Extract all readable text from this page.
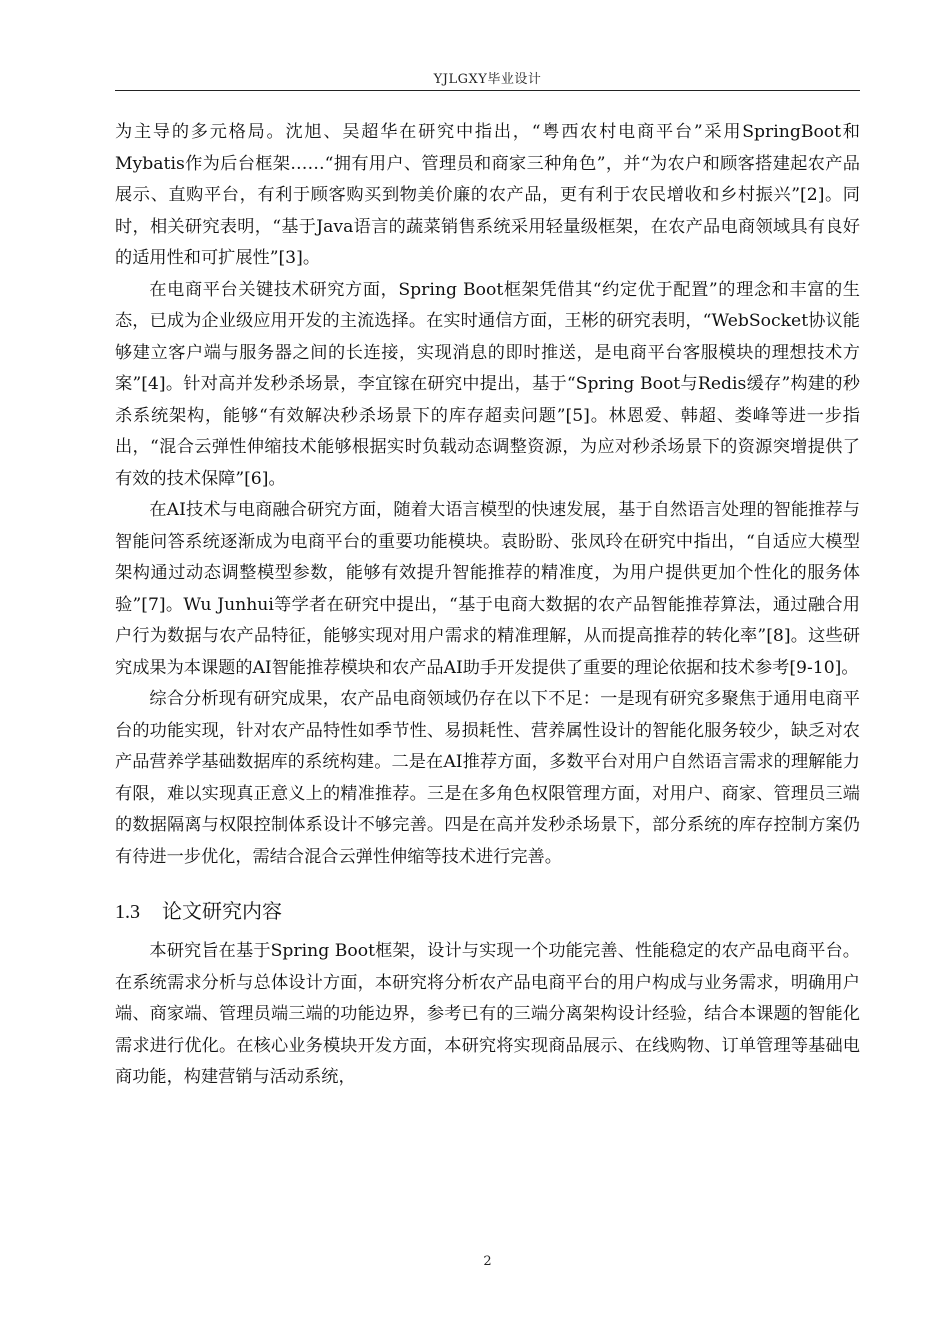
YJLGXY毕业设计

为主导的多元格局。沈旭、吴超华在研究中指出，“粤西农村电商平台”采用SpringBoot和Mybatis作为后台框架……“拥有用户、管理员和商家三种角色”，并“为农户和顾客搭建起农产品展示、直购平台，有利于顾客购买到物美价廉的农产品，更有利于农民增收和乡村振兴”[2]。同时，相关研究表明，“基于Java语言的蔬菜销售系统采用轻量级框架，在农产品电商领域具有良好的适用性和可扩展性”[3]。

在电商平台关键技术研究方面，Spring Boot框架凭借其“约定优于配置”的理念和丰富的生态，已成为企业级应用开发的主流选择。在实时通信方面，王彬的研究表明，“WebSocket协议能够建立客户端与服务器之间的长连接，实现消息的即时推送，是电商平台客服模块的理想技术方案”[4]。针对高并发秒杀场景，李宜镓在研究中提出，基于“Spring Boot与Redis缓存”构建的秒杀系统架构，能够“有效解决秒杀场景下的库存超卖问题”[5]。林恩爱、韩超、娄峰等进一步指出，“混合云弹性伸缩技术能够根据实时负载动态调整资源，为应对秒杀场景下的资源突增提供了有效的技术保障”[6]。

在AI技术与电商融合研究方面，随着大语言模型的快速发展，基于自然语言处理的智能推荐与智能问答系统逐渐成为电商平台的重要功能模块。袁盼盼、张凤玲在研究中指出，“自适应大模型架构通过动态调整模型参数，能够有效提升智能推荐的精准度，为用户提供更加个性化的服务体验”[7]。Wu Junhui等学者在研究中提出，“基于电商大数据的农产品智能推荐算法，通过融合用户行为数据与农产品特征，能够实现对用户需求的精准理解，从而提高推荐的转化率”[8]。这些研究成果为本课题的AI智能推荐模块和农产品AI助手开发提供了重要的理论依据和技术参考[9-10]。

综合分析现有研究成果，农产品电商领域仍存在以下不足：一是现有研究多聚焦于通用电商平台的功能实现，针对农产品特性如季节性、易损耗性、营养属性设计的智能化服务较少，缺乏对农产品营养学基础数据库的系统构建。二是在AI推荐方面，多数平台对用户自然语言需求的理解能力有限，难以实现真正意义上的精准推荐。三是在多角色权限管理方面，对用户、商家、管理员三端的数据隔离与权限控制体系设计不够完善。四是在高并发秒杀场景下，部分系统的库存控制方案仍有待进一步优化，需结合混合云弹性伸缩等技术进行完善。

1.3 论文研究内容

本研究旨在基于Spring Boot框架，设计与实现一个功能完善、性能稳定的农产品电商平台。在系统需求分析与总体设计方面，本研究将分析农产品电商平台的用户构成与业务需求，明确用户端、商家端、管理员端三端的功能边界，参考已有的三端分离架构设计经验，结合本课题的智能化需求进行优化。在核心业务模块开发方面，本研究将实现商品展示、在线购物、订单管理等基础电商功能，构建营销与活动系统，

2
